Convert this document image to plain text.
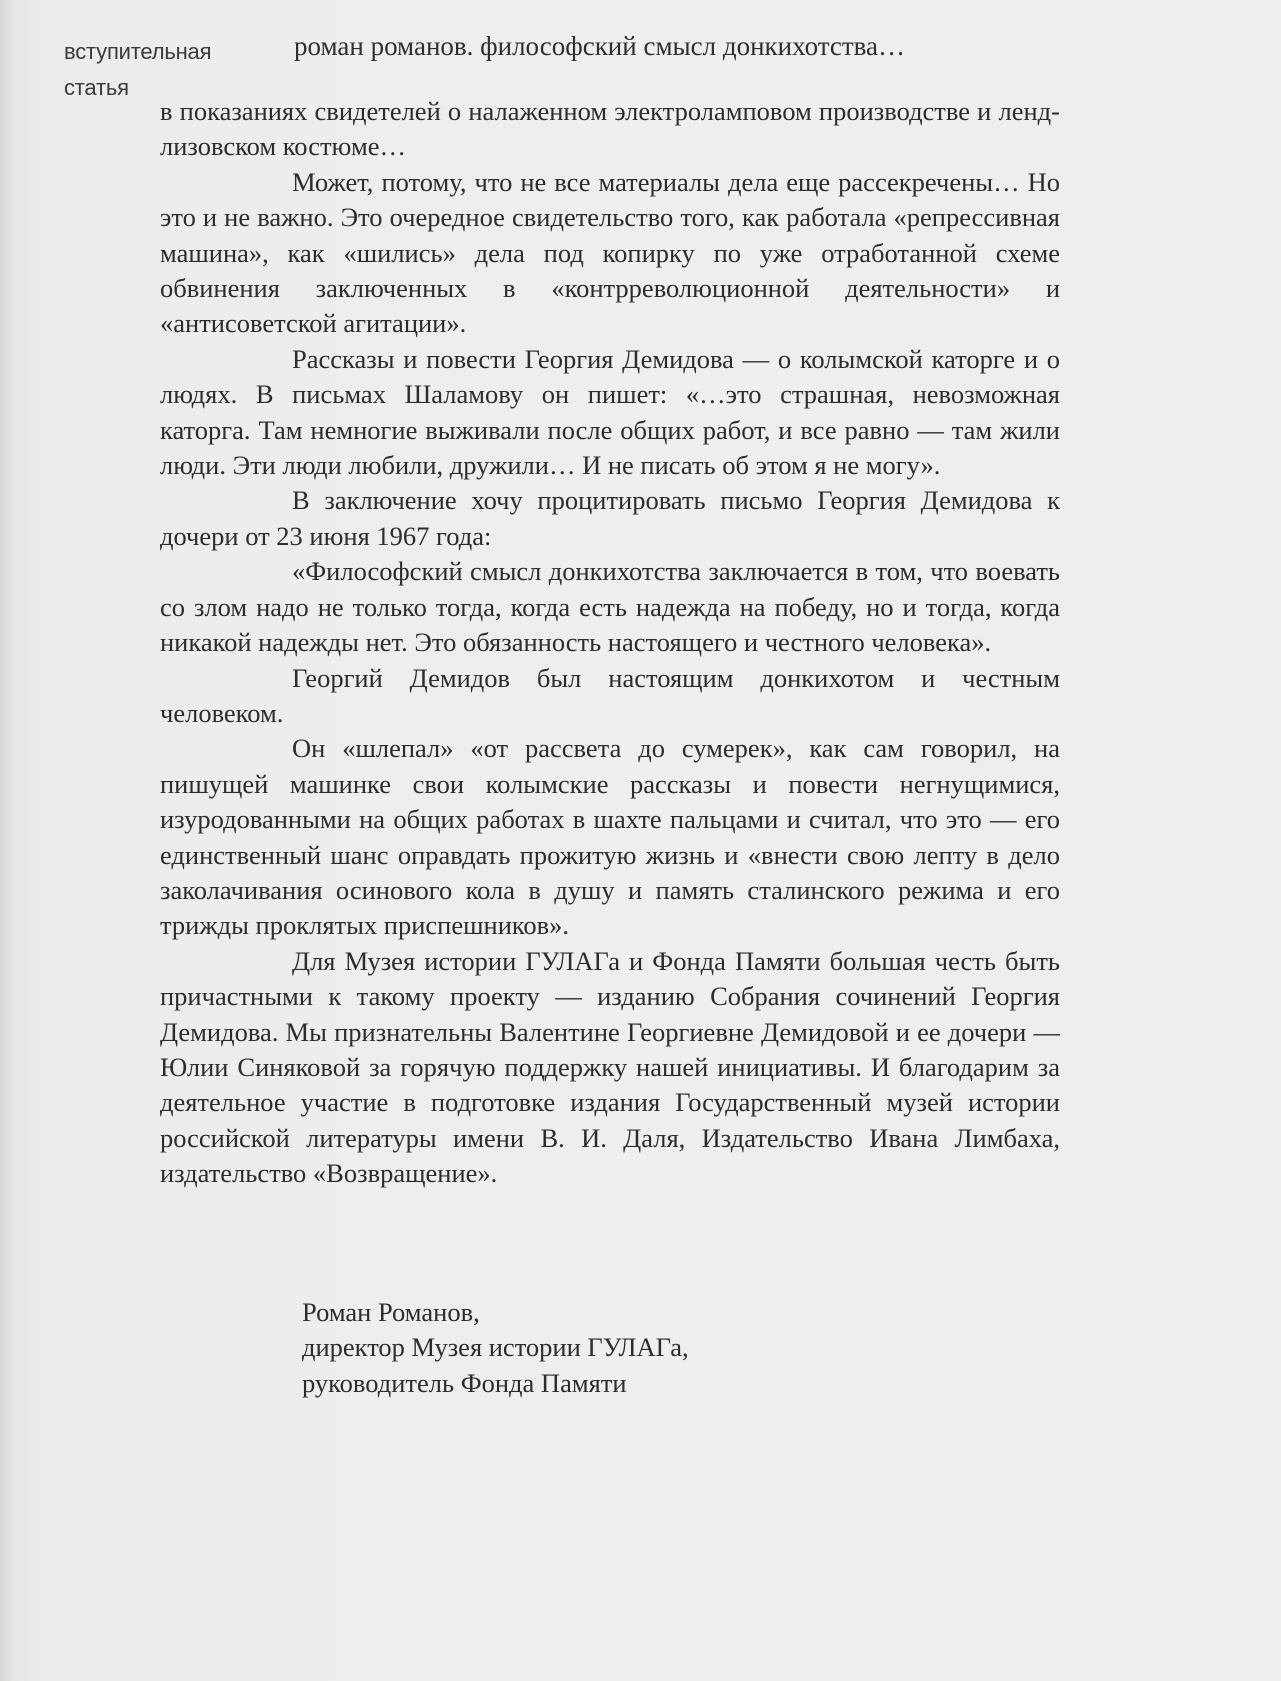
вступительная
статья
роман романов. философский смысл донкихотства…

в показаниях свидетелей о налаженном электроламповом производстве и ленд-лизовском костюме…

Может, потому, что не все материалы дела еще рассекречены… Но это и не важно. Это очередное свидетельство того, как работала «репрессивная машина», как «шились» дела под копирку по уже отработанной схеме обвинения заключенных в «контрреволюционной деятельности» и «антисоветской агитации».

Рассказы и повести Георгия Демидова — о колымской каторге и о людях. В письмах Шаламову он пишет: «…это страшная, невозможная каторга. Там немногие выживали после общих работ, и все равно — там жили люди. Эти люди любили, дружили… И не писать об этом я не могу».

В заключение хочу процитировать письмо Георгия Демидова к дочери от 23 июня 1967 года:

«Философский смысл донкихотства заключается в том, что воевать со злом надо не только тогда, когда есть надежда на победу, но и тогда, когда никакой надежды нет. Это обязанность настоящего и честного человека».

Георгий Демидов был настоящим донкихотом и честным человеком.

Он «шлепал» «от рассвета до сумерек», как сам говорил, на пишущей машинке свои колымские рассказы и повести негнущимися, изуродованными на общих работах в шахте пальцами и считал, что это — его единственный шанс оправдать прожитую жизнь и «внести свою лепту в дело заколачивания осинового кола в душу и память сталинского режима и его трижды проклятых приспешников».

Для Музея истории ГУЛАГа и Фонда Памяти большая честь быть причастными к такому проекту — изданию Собрания сочинений Георгия Демидова. Мы признательны Валентине Георгиевне Демидовой и ее дочери — Юлии Синяковой за горячую поддержку нашей инициативы. И благодарим за деятельное участие в подготовке издания Государственный музей истории российской литературы имени В. И. Даля, Издательство Ивана Лимбаха, издательство «Возвращение».

Роман Романов,
директор Музея истории ГУЛАГа,
руководитель Фонда Памяти
